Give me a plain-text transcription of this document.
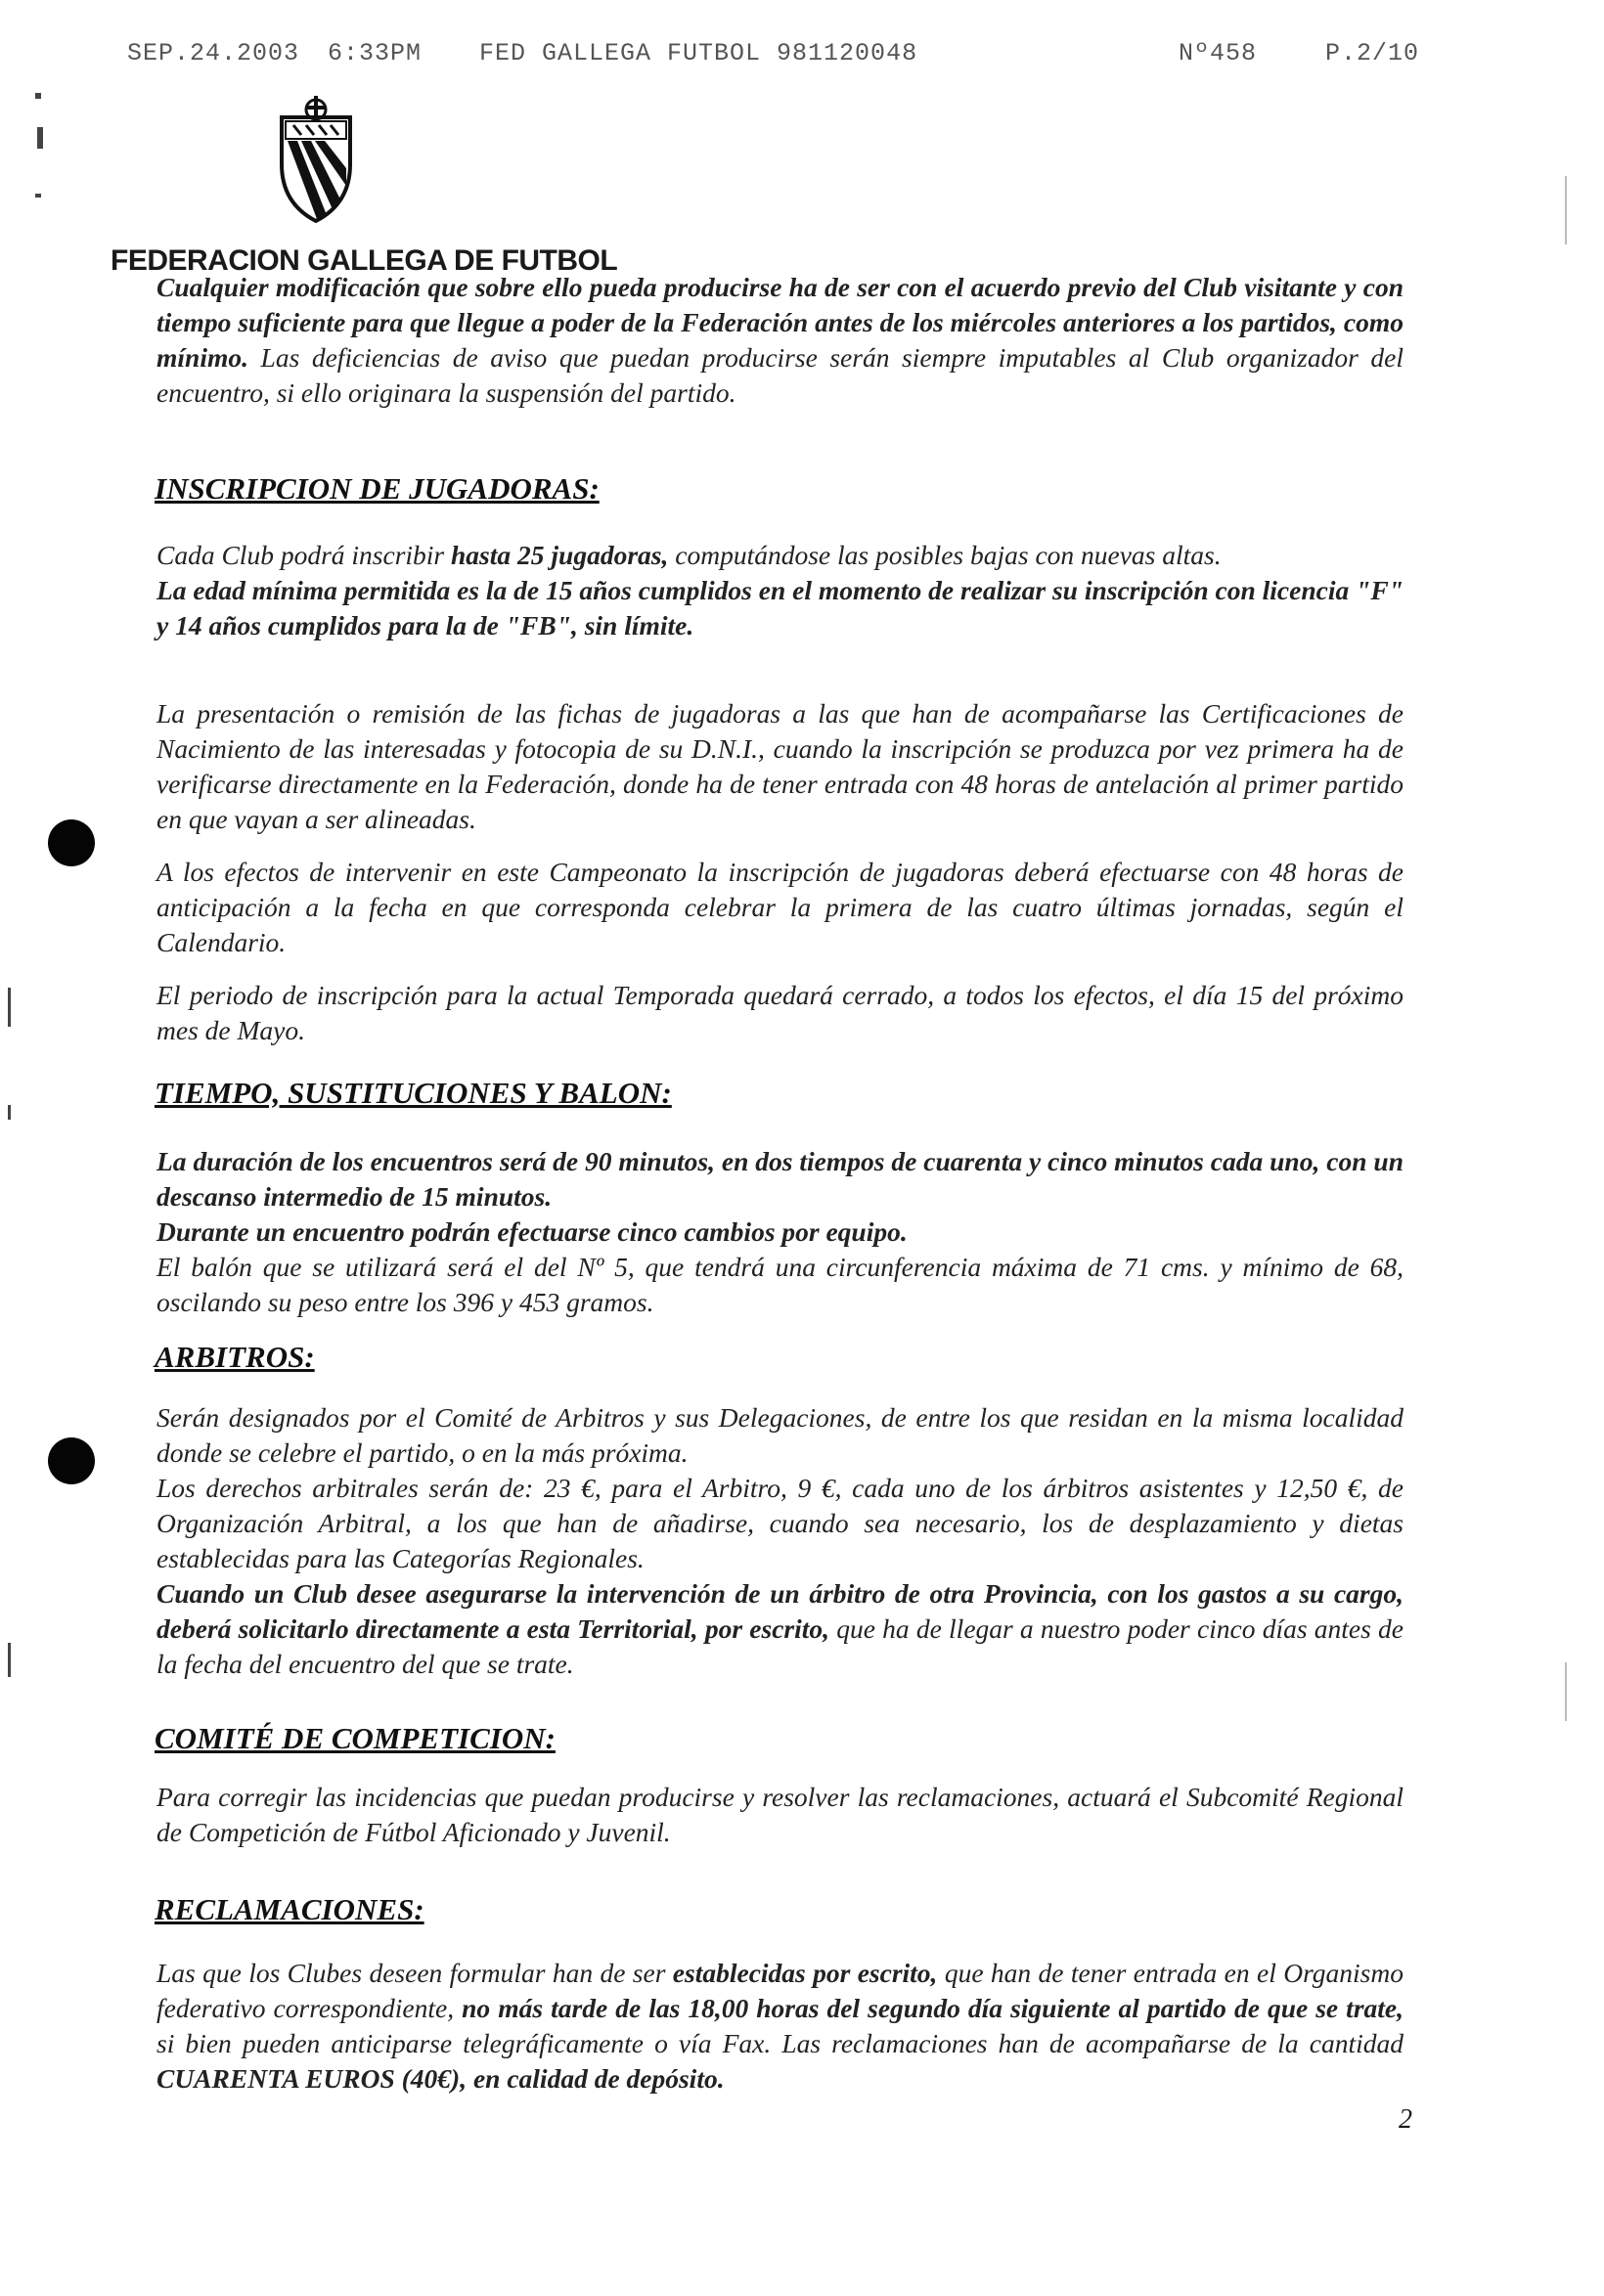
SEP.24.2003 6:33PM FED GALLEGA FUTBOL 981120048	Nº458	P.2/10
FEDERACION GALLEGA DE FUTBOL

Cualquier modificación que sobre ello pueda producirse ha de ser con el acuerdo previo del Club visitante y con tiempo suficiente para que llegue a poder de la Federación antes de los miércoles anteriores a los partidos, como mínimo. Las deficiencias de aviso que puedan producirse serán siempre imputables al Club organizador del encuentro, si ello originara la suspensión del partido.

INSCRIPCION DE JUGADORAS:

Cada Club podrá inscribir hasta 25 jugadoras, computándose las posibles bajas con nuevas altas.

La edad mínima permitida es la de 15 años cumplidos en el momento de realizar su inscripción con licencia "F" y 14 años cumplidos para la de "FB", sin límite.

La presentación o remisión de las fichas de jugadoras a las que han de acompañarse las Certificaciones de Nacimiento de las interesadas y fotocopia de su D.N.I., cuando la inscripción se produzca por vez primera ha de verificarse directamente en la Federación, donde ha de tener entrada con 48 horas de antelación al primer partido en que vayan a ser alineadas.

A los efectos de intervenir en este Campeonato la inscripción de jugadoras deberá efectuarse con 48 horas de anticipación a la fecha en que corresponda celebrar la primera de las cuatro últimas jornadas, según el Calendario.

El periodo de inscripción para la actual Temporada quedará cerrado, a todos los efectos, el día 15 del próximo mes de Mayo.

TIEMPO, SUSTITUCIONES Y BALON:

La duración de los encuentros será de 90 minutos, en dos tiempos de cuarenta y cinco minutos cada uno, con un descanso intermedio de 15 minutos.

Durante un encuentro podrán efectuarse cinco cambios por equipo.

El balón que se utilizará será el del Nº 5, que tendrá una circunferencia máxima de 71 cms. y mínimo de 68, oscilando su peso entre los 396 y 453 gramos.

ARBITROS:

Serán designados por el Comité de Arbitros y sus Delegaciones, de entre los que residan en la misma localidad donde se celebre el partido, o en la más próxima.

Los derechos arbitrales serán de: 23 €, para el Arbitro, 9 €, cada uno de los árbitros asistentes y 12,50 €, de Organización Arbitral, a los que han de añadirse, cuando sea necesario, los de desplazamiento y dietas establecidas para las Categorías Regionales.

Cuando un Club desee asegurarse la intervención de un árbitro de otra Provincia, con los gastos a su cargo, deberá solicitarlo directamente a esta Territorial, por escrito, que ha de llegar a nuestro poder cinco días antes de la fecha del encuentro del que se trate.

COMITÉ DE COMPETICION:

Para corregir las incidencias que puedan producirse y resolver las reclamaciones, actuará el Subcomité Regional de Competición de Fútbol Aficionado y Juvenil.

RECLAMACIONES:

Las que los Clubes deseen formular han de ser establecidas por escrito, que han de tener entrada en el Organismo federativo correspondiente, no más tarde de las 18,00 horas del segundo día siguiente al partido de que se trate, si bien pueden anticiparse telegráficamente o vía Fax. Las reclamaciones han de acompañarse de la cantidad CUARENTA EUROS (40€), en calidad de depósito.

2
